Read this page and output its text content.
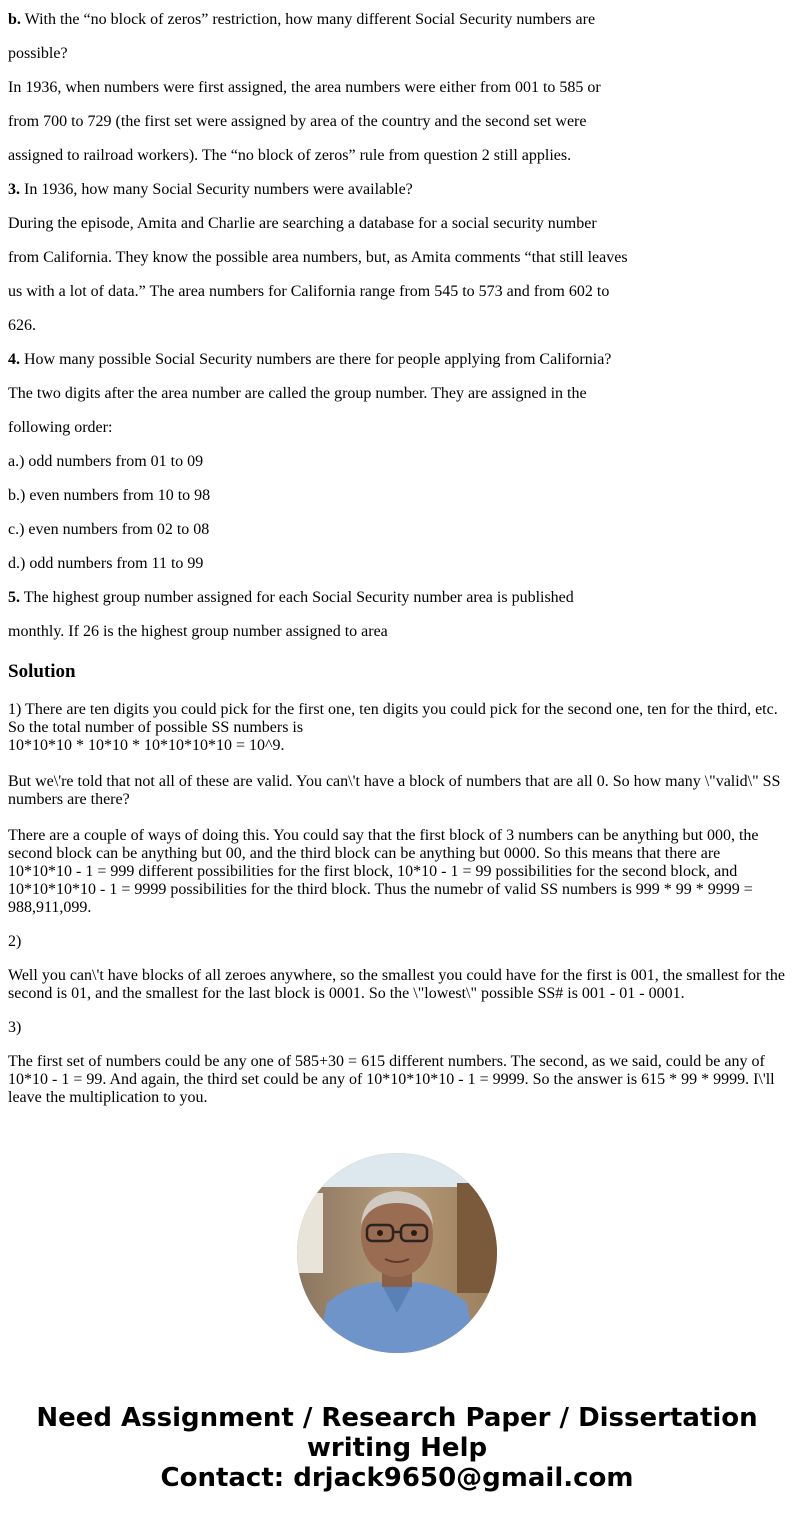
b. With the “no block of zeros” restriction, how many different Social Security numbers are

possible?

In 1936, when numbers were first assigned, the area numbers were either from 001 to 585 or

from 700 to 729 (the first set were assigned by area of the country and the second set were

assigned to railroad workers). The “no block of zeros” rule from question 2 still applies.

3. In 1936, how many Social Security numbers were available?

During the episode, Amita and Charlie are searching a database for a social security number

from California. They know the possible area numbers, but, as Amita comments “that still leaves

us with a lot of data.” The area numbers for California range from 545 to 573 and from 602 to

626.

4. How many possible Social Security numbers are there for people applying from California?

The two digits after the area number are called the group number. They are assigned in the

following order:

a.) odd numbers from 01 to 09

b.) even numbers from 10 to 98

c.) even numbers from 02 to 08

d.) odd numbers from 11 to 99

5. The highest group number assigned for each Social Security number area is published

monthly. If 26 is the highest group number assigned to area

Solution

1) There are ten digits you could pick for the first one, ten digits you could pick for the second one, ten for the third, etc. So the total number of possible SS numbers is
10*10*10 * 10*10 * 10*10*10*10 = 10^9.

But we\'re told that not all of these are valid. You can\'t have a block of numbers that are all 0. So how many \"valid\" SS numbers are there?

There are a couple of ways of doing this. You could say that the first block of 3 numbers can be anything but 000, the second block can be anything but 00, and the third block can be anything but 0000. So this means that there are 10*10*10 - 1 = 999 different possibilities for the first block, 10*10 - 1 = 99 possibilities for the second block, and 10*10*10*10 - 1 = 9999 possibilities for the third block. Thus the numebr of valid SS numbers is 999 * 99 * 9999 = 988,911,099.

2)

Well you can\'t have blocks of all zeroes anywhere, so the smallest you could have for the first is 001, the smallest for the second is 01, and the smallest for the last block is 0001. So the \"lowest\" possible SS# is 001 - 01 - 0001.

3)

The first set of numbers could be any one of 585+30 = 615 different numbers. The second, as we said, could be any of 10*10 - 1 = 99. And again, the third set could be any of 10*10*10*10 - 1 = 9999. So the answer is 615 * 99 * 9999. I\'ll leave the multiplication to you.

Need Assignment / Research Paper / Dissertation
writing Help
Contact: drjack9650@gmail.com
